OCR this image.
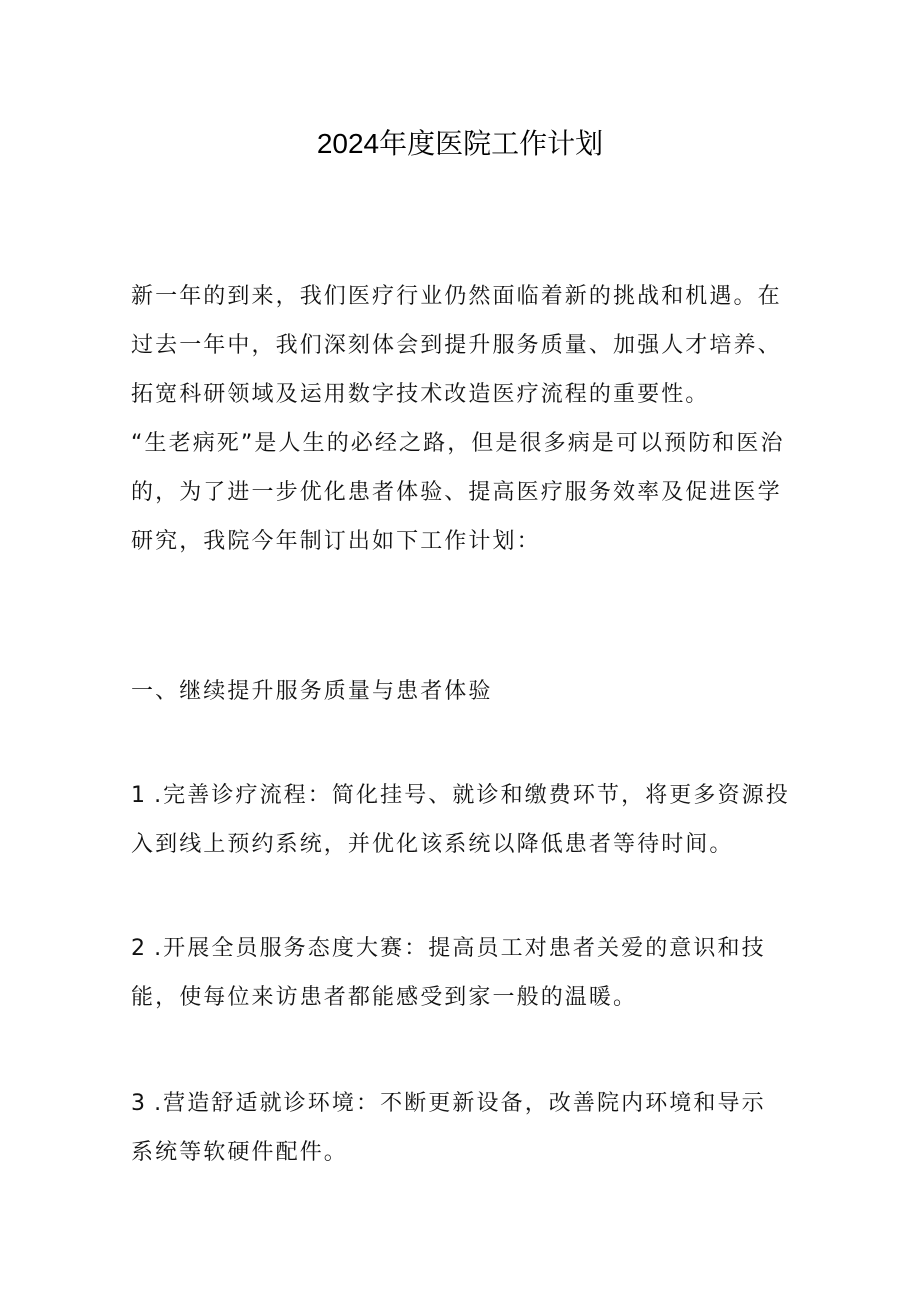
2024年度医院工作计划

新一年的到来，我们医疗行业仍然面临着新的挑战和机遇。在过去一年中，我们深刻体会到提升服务质量、加强人才培养、拓宽科研领域及运用数字技术改造医疗流程的重要性。

“生老病死”是人生的必经之路，但是很多病是可以预防和医治的，为了进一步优化患者体验、提高医疗服务效率及促进医学研究，我院今年制订出如下工作计划：

一、继续提升服务质量与患者体验

1 .完善诊疗流程：简化挂号、就诊和缴费环节，将更多资源投入到线上预约系统，并优化该系统以降低患者等待时间。

2 .开展全员服务态度大赛：提高员工对患者关爱的意识和技能，使每位来访患者都能感受到家一般的温暖。

3 .营造舒适就诊环境：不断更新设备，改善院内环境和导示系统等软硬件配件。
